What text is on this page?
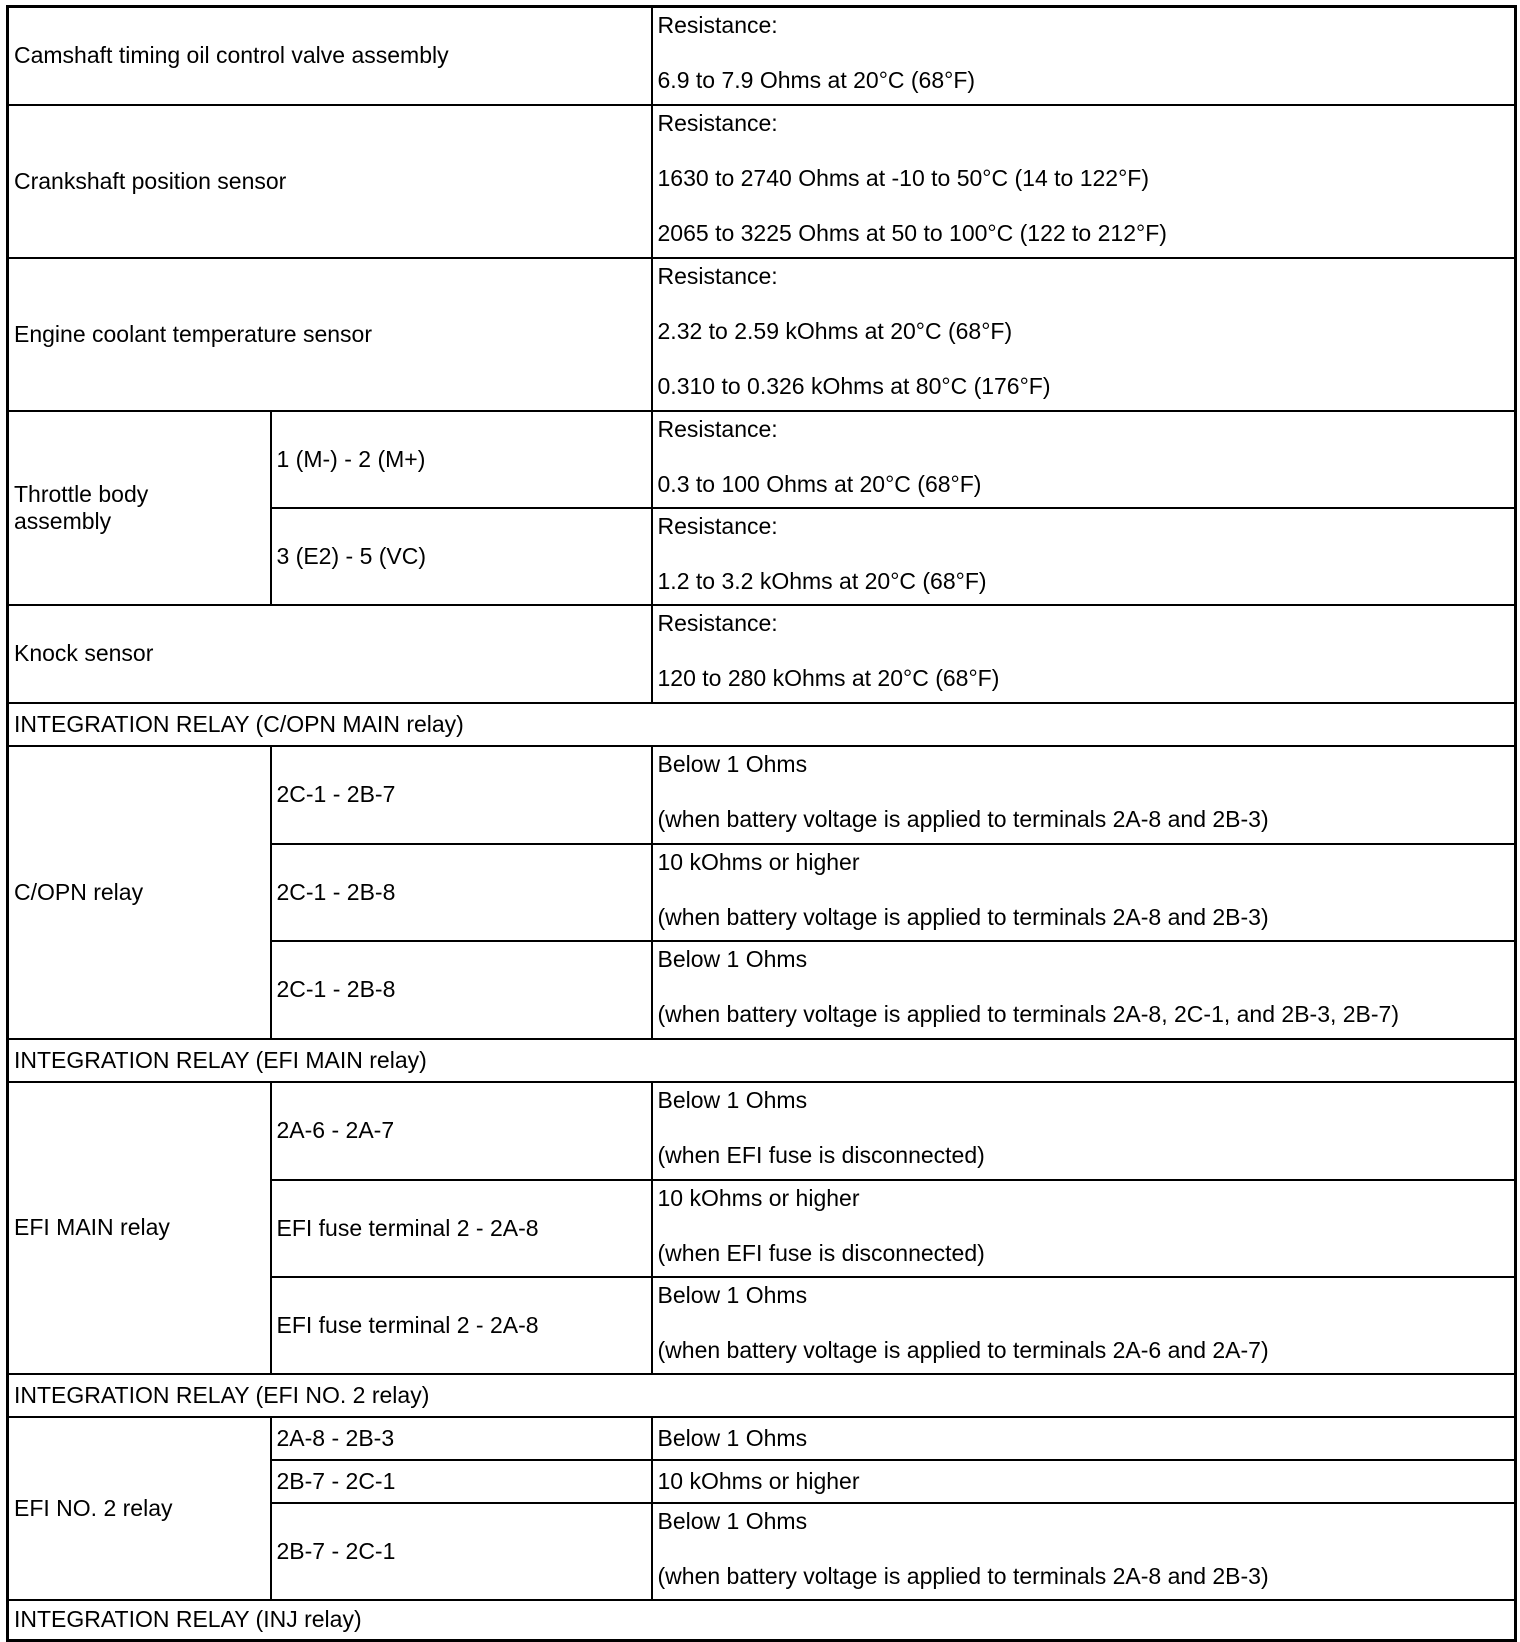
Camshaft timing oil control valve assembly		Resistance:
6.9 to 7.9 Ohms at 20°C (68°F)

Crankshaft position sensor		Resistance:
1630 to 2740 Ohms at -10 to 50°C (14 to 122°F)
2065 to 3225 Ohms at 50 to 100°C (122 to 212°F)

Engine coolant temperature sensor		Resistance:
2.32 to 2.59 kOhms at 20°C (68°F)
0.310 to 0.326 kOhms at 80°C (176°F)

Throttle body assembly	1 (M-) - 2 (M+)	Resistance:
0.3 to 100 Ohms at 20°C (68°F)

	3 (E2) - 5 (VC)	Resistance:
1.2 to 3.2 kOhms at 20°C (68°F)

Knock sensor		Resistance:
120 to 280 kOhms at 20°C (68°F)

INTEGRATION RELAY (C/OPN MAIN relay)		
C/OPN relay	2C-1 - 2B-7	Below 1 Ohms
(when battery voltage is applied to terminals 2A-8 and 2B-3)

	2C-1 - 2B-8	10 kOhms or higher
(when battery voltage is applied to terminals 2A-8 and 2B-3)

	2C-1 - 2B-8	Below 1 Ohms
(when battery voltage is applied to terminals 2A-8, 2C-1, and 2B-3, 2B-7)

INTEGRATION RELAY (EFI MAIN relay)		
EFI MAIN relay	2A-6 - 2A-7	Below 1 Ohms
(when EFI fuse is disconnected)

	EFI fuse terminal 2 - 2A-8	10 kOhms or higher
(when EFI fuse is disconnected)

	EFI fuse terminal 2 - 2A-8	Below 1 Ohms
(when battery voltage is applied to terminals 2A-6 and 2A-7)

INTEGRATION RELAY (EFI NO. 2 relay)		
EFI NO. 2 relay	2A-8 - 2B-3	Below 1 Ohms

	2B-7 - 2C-1	10 kOhms or higher

	2B-7 - 2C-1	Below 1 Ohms
(when battery voltage is applied to terminals 2A-8 and 2B-3)

INTEGRATION RELAY (INJ relay)		
